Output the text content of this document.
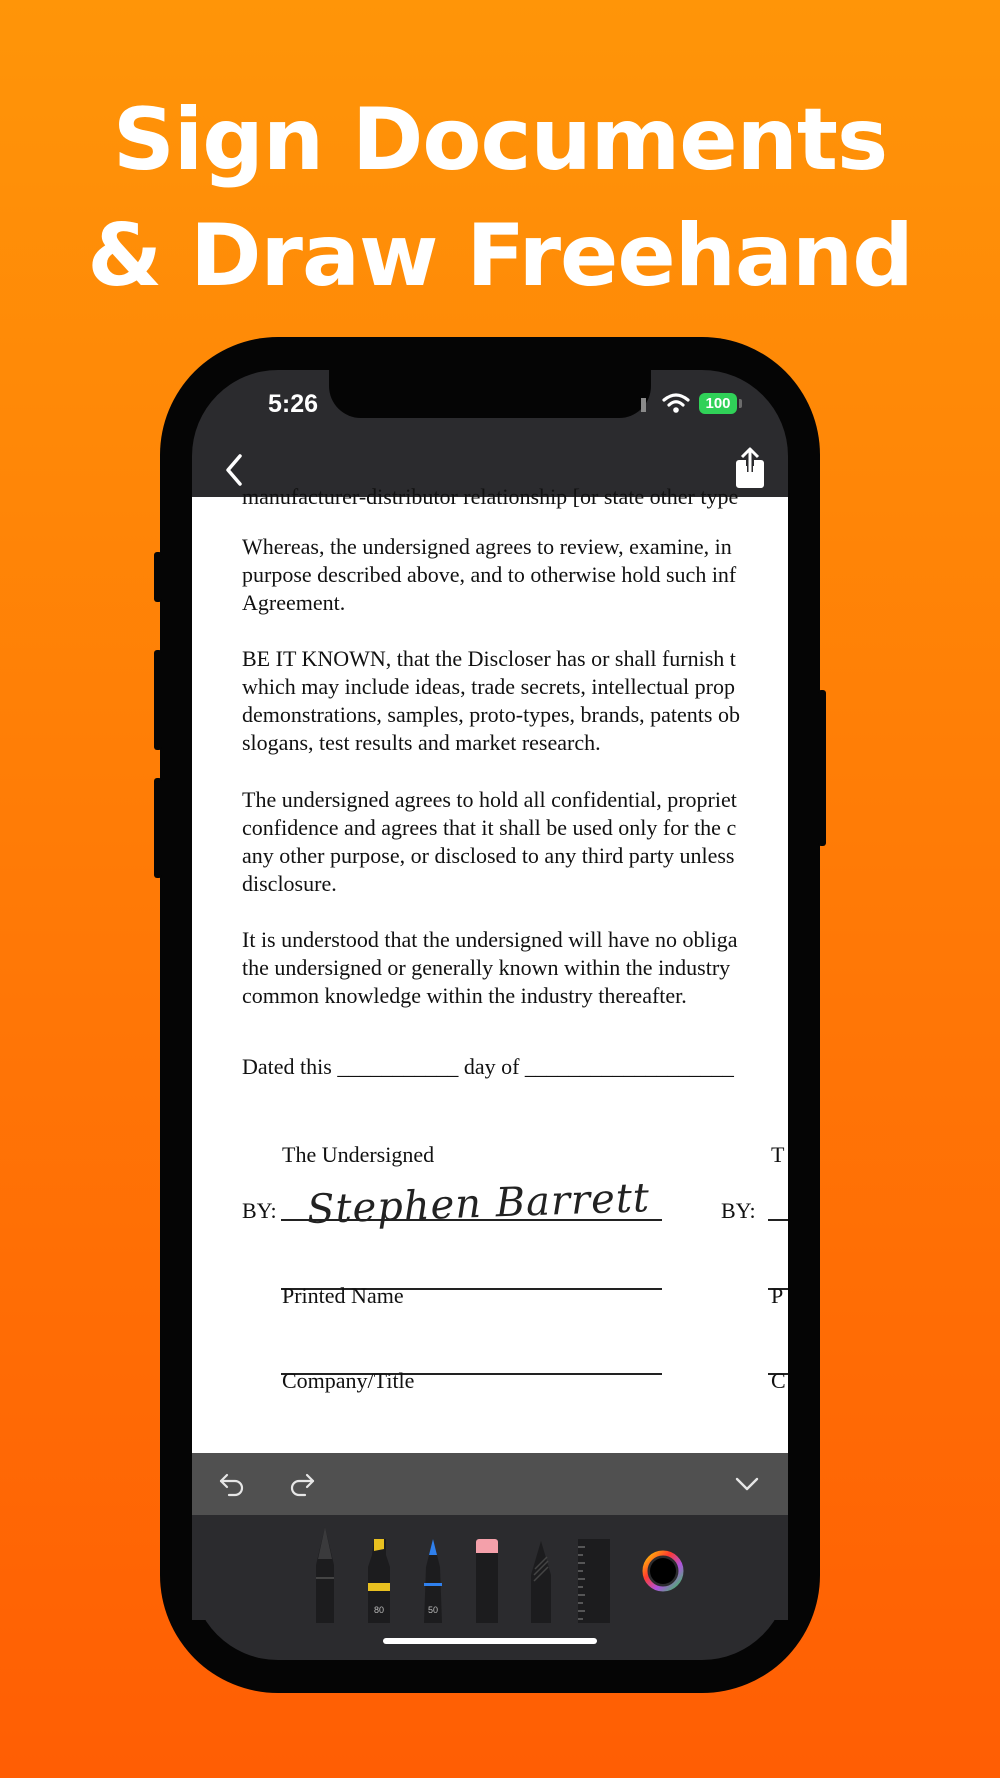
Sign Documents
& Draw Freehand
5:26	100
manufacturer-distributor relationship [or state other type
Whereas, the undersigned agrees to review, examine, in
purpose described above, and to otherwise hold such inf
Agreement.
BE IT KNOWN, that the Discloser has or shall furnish t
which may include ideas, trade secrets, intellectual prop
demonstrations, samples, proto-types, brands, patents ob
slogans, test results and market research.
The undersigned agrees to hold all confidential, propriet
confidence and agrees that it shall be used only for the c
any other purpose, or disclosed to any third party unless
disclosure.
It is understood that the undersigned will have no obliga
the undersigned or generally known within the industry
common knowledge within the industry thereafter.
Dated this ___________ day of ___________________
The Undersigned	T
BY: Stephen Barrett	BY:
Printed Name	P
Company/Title	C
80	50
